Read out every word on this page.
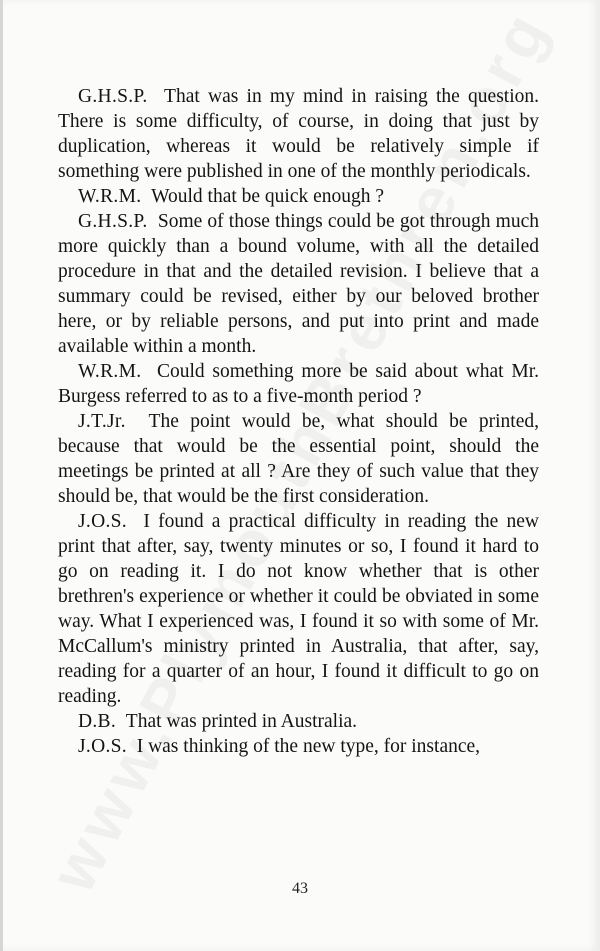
G.H.S.P. That was in my mind in raising the question. There is some difficulty, of course, in doing that just by duplication, whereas it would be relatively simple if something were published in one of the monthly periodicals.

W.R.M. Would that be quick enough ?

G.H.S.P. Some of those things could be got through much more quickly than a bound volume, with all the detailed procedure in that and the detailed revision. I believe that a summary could be revised, either by our beloved brother here, or by reliable persons, and put into print and made available within a month.

W.R.M. Could something more be said about what Mr. Burgess referred to as to a five-month period ?

J.T.Jr. The point would be, what should be printed, because that would be the essential point, should the meetings be printed at all ? Are they of such value that they should be, that would be the first consideration.

J.O.S. I found a practical difficulty in reading the new print that after, say, twenty minutes or so, I found it hard to go on reading it. I do not know whether that is other brethren's experience or whether it could be obviated in some way. What I experienced was, I found it so with some of Mr. McCallum's ministry printed in Australia, that after, say, reading for a quarter of an hour, I found it difficult to go on reading.

D.B. That was printed in Australia.

J.O.S. I was thinking of the new type, for instance,

43
